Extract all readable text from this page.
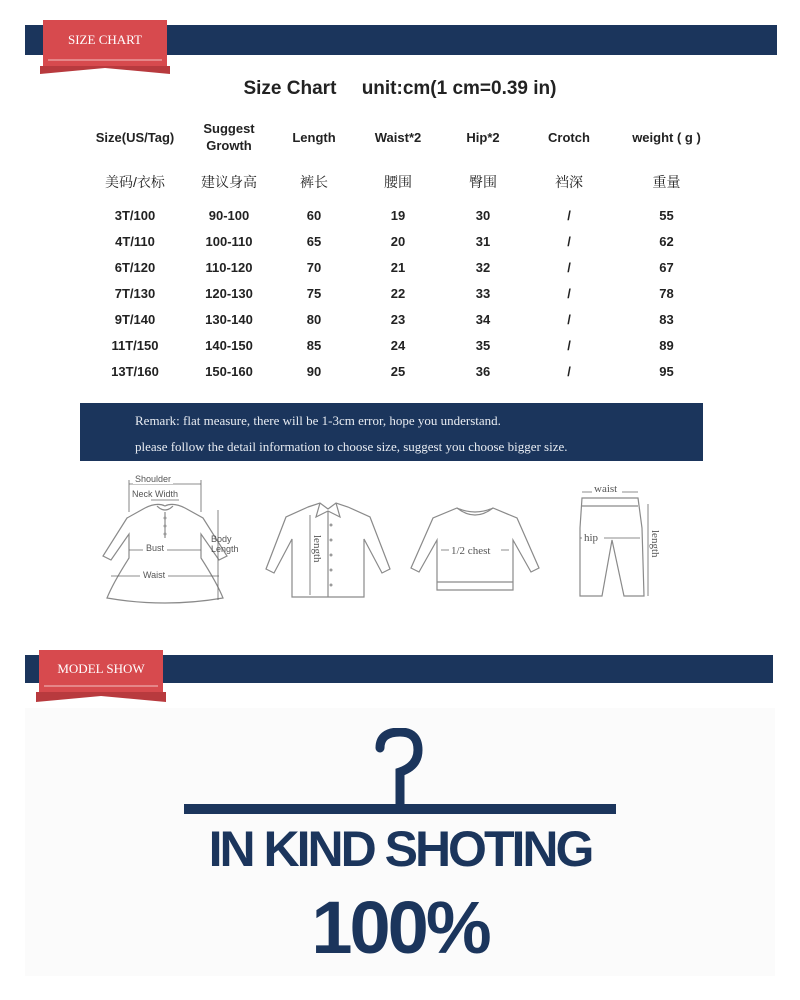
SIZE CHART
Size Chart unit:cm(1 cm=0.39 in)
Size(US/Tag)	Suggest Growth	Length	Waist*2	Hip*2	Crotch	weight ( g )
美码/衣标	建议身高	裤长	腰围	臀围	裆深	重量
3T/100	90-100	60	19	30	/	55
4T/110	100-110	65	20	31	/	62
6T/120	110-120	70	21	32	/	67
7T/130	120-130	75	22	33	/	78
9T/140	130-140	80	23	34	/	83
11T/150	140-150	85	24	35	/	89
13T/160	150-160	90	25	36	/	95
Remark: flat measure, there will be 1-3cm error, hope you understand.
please follow the detail information to choose size, suggest you choose bigger size.
Shoulder
Neck Width
Bust
Waist
Body
Length	length	1/2 chest
waist
hip	length
MODEL SHOW
IN KIND SHOTING
100%
